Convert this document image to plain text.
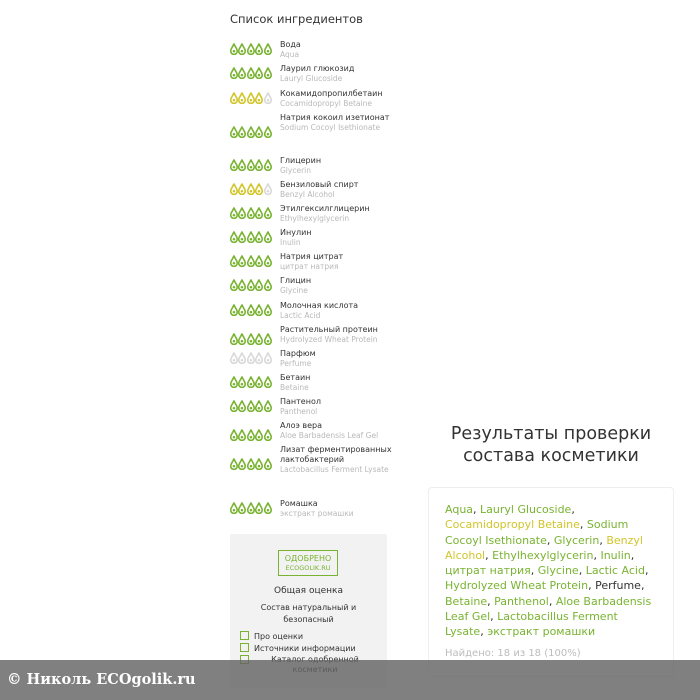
Список ингредиентов
Вода
Aqua
Лаурил глюкозид
Lauryl Glucoside
Кокамидопропилбетаин
Cocamidopropyl Betaine
Натрия кокоил изетионат
Sodium Cocoyl Isethionate
Глицерин
Glycerin
Бензиловый спирт
Benzyl Alcohol
Этилгексилглицерин
Ethylhexylglycerin
Инулин
Inulin
Натрия цитрат
цитрат натрия
Глицин
Glycine
Молочная кислота
Lactic Acid
Растительный протеин
Hydrolyzed Wheat Protein
Парфюм
Perfume
Бетаин
Betaine
Пантенол
Panthenol
Алоэ вера
Aloe Barbadensis Leaf Gel
Лизат ферментированных лактобактерий
Lactobacillus Ferment Lysate
Ромашка
экстракт ромашки
ОДОБРЕНО
ECOGOLIK.RU
Общая оценка
Состав натуральный и безопасный
Про оценки
Источники информации
Результаты проверки состава косметики
Aqua, Lauryl Glucoside, Cocamidopropyl Betaine, Sodium Cocoyl Isethionate, Glycerin, Benzyl Alcohol, Ethylhexylglycerin, Inulin, цитрат натрия, Glycine, Lactic Acid, Hydrolyzed Wheat Protein, Perfume, Betaine, Panthenol, Aloe Barbadensis Leaf Gel, Lactobacillus Ferment Lysate, экстракт ромашки
Найдено: 18 из 18 (100%)
© Николь ECOgolik.ru
